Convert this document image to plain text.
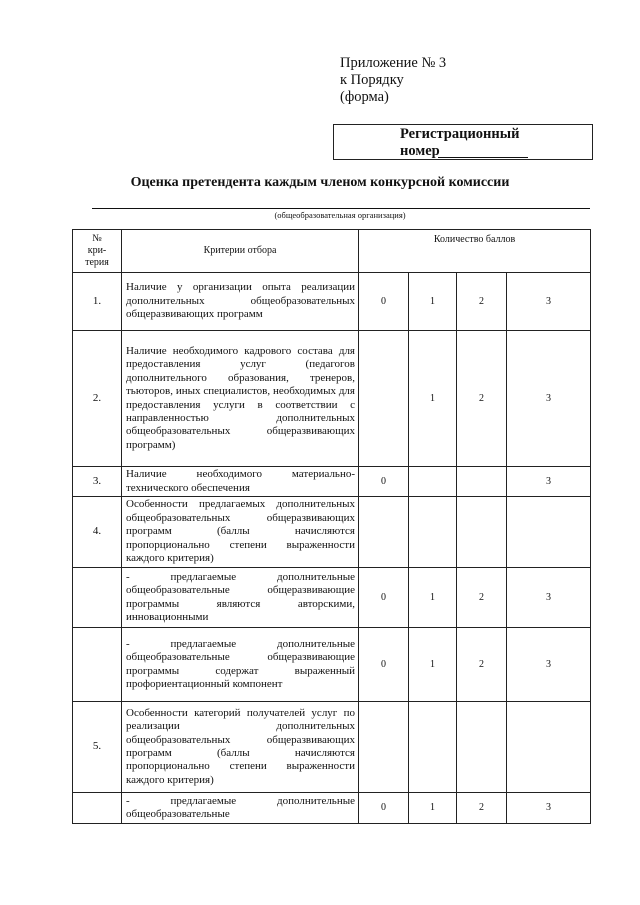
Приложение № 3
к Порядку
(форма)
Регистрационный
номер
Оценка претендента каждым членом конкурсной комиссии
(общеобразовательная организация)
№
кри-
терия	Критерии отбора	Количество баллов			
1.	Наличие у организации опыта реализации дополнительных общеобразовательных общеразвивающих программ	0	1	2	3
2.	Наличие необходимого кадрового состава для предоставления услуг (педагогов дополнительного образования, тренеров, тьюторов, иных специалистов, необходимых для предоставления услуги в соответствии с направленностью дополнительных общеобразовательных общеразвивающих программ)		1	2	3
3.	Наличие необходимого материально-технического обеспечения	0			3
4.	Особенности предлагаемых дополнительных общеобразовательных общеразвивающих программ (баллы начисляются пропорционально степени выраженности каждого критерия)				
	- предлагаемые дополнительные общеобразовательные общеразвивающие программы являются авторскими, инновационными	0	1	2	3
	- предлагаемые дополнительные общеобразовательные общеразвивающие программы содержат выраженный профориентационный компонент	0	1	2	3
5.	Особенности категорий получателей услуг по реализации дополнительных общеобразовательных общеразвивающих программ (баллы начисляются пропорционально степени выраженности каждого критерия)				
	- предлагаемые дополнительные общеобразовательные	0	1	2	3
